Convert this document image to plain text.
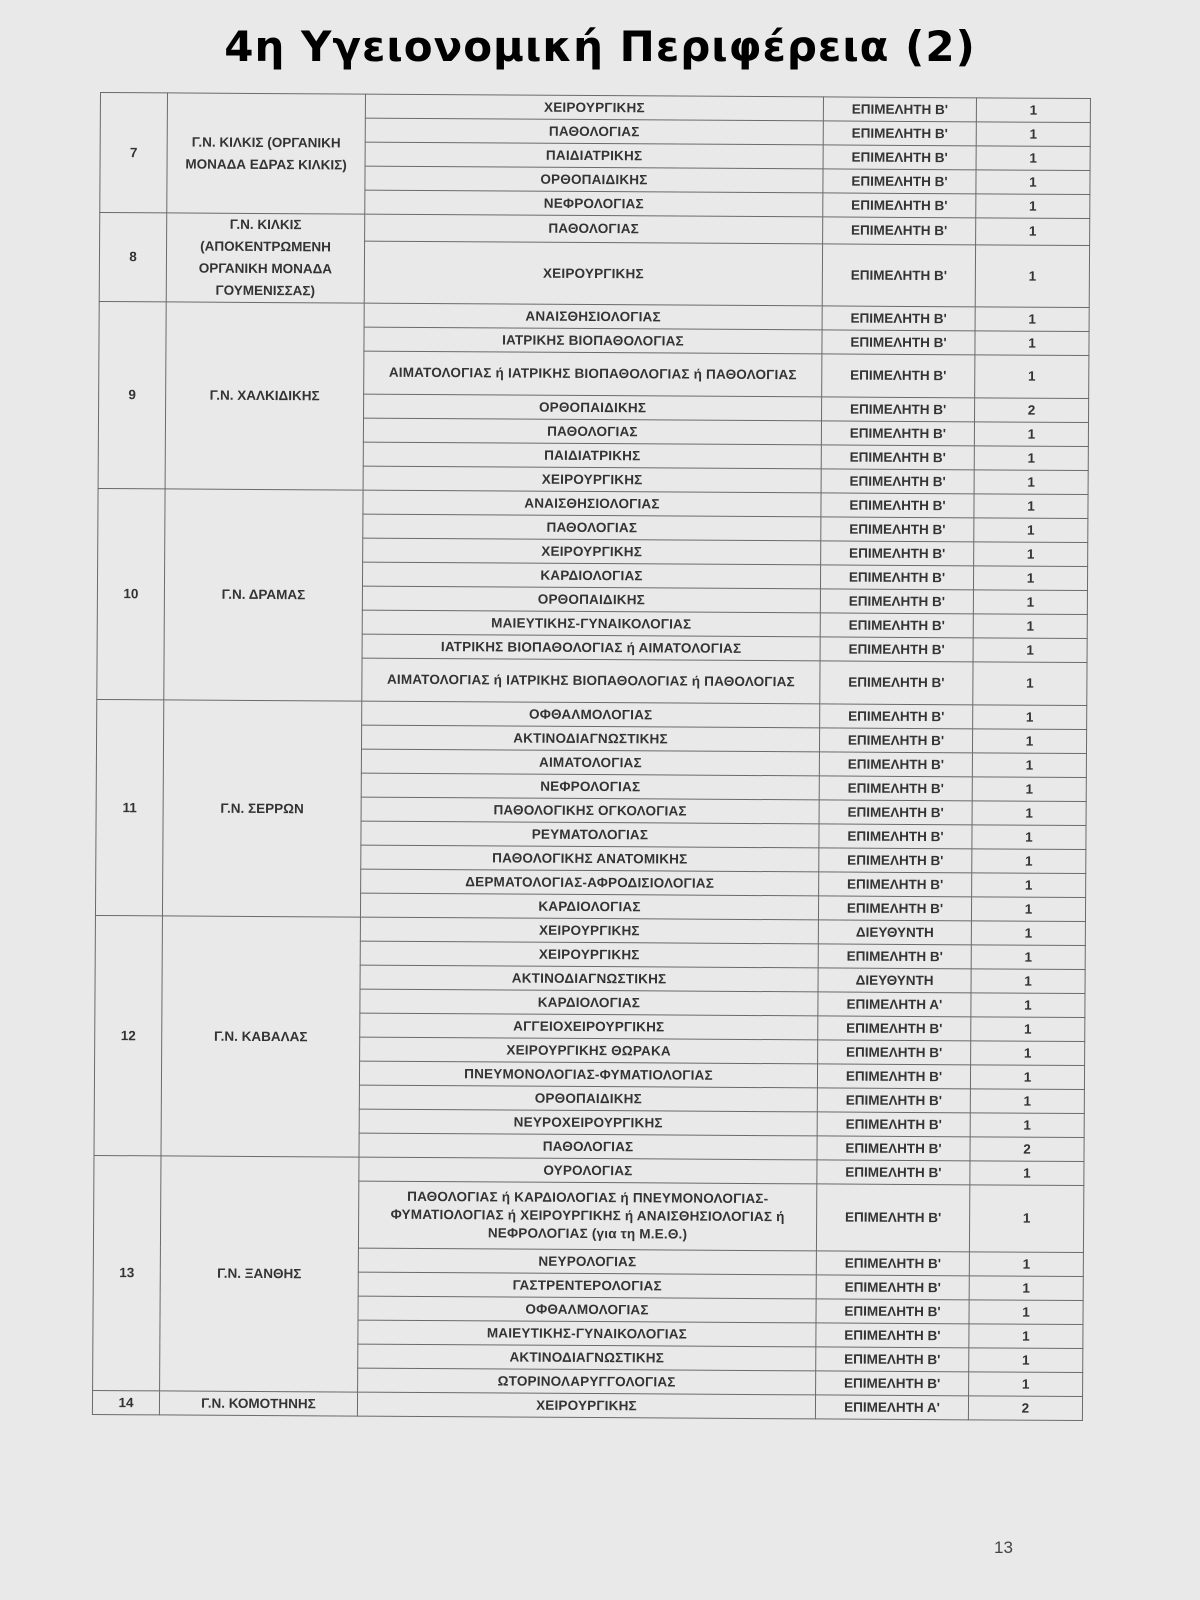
4η Υγειονομική Περιφέρεια (2)
7	Γ.Ν. ΚΙΛΚΙΣ (ΟΡΓΑΝΙΚΗ ΜΟΝΑΔΑ ΕΔΡΑΣ ΚΙΛΚΙΣ)	ΧΕΙΡΟΥΡΓΙΚΗΣ	ΕΠΙΜΕΛΗΤΗ Β'	1
		ΠΑΘΟΛΟΓΙΑΣ	ΕΠΙΜΕΛΗΤΗ Β'	1
		ΠΑΙΔΙΑΤΡΙΚΗΣ	ΕΠΙΜΕΛΗΤΗ Β'	1
		ΟΡΘΟΠΑΙΔΙΚΗΣ	ΕΠΙΜΕΛΗΤΗ Β'	1
		ΝΕΦΡΟΛΟΓΙΑΣ	ΕΠΙΜΕΛΗΤΗ Β'	1
8	Γ.Ν. ΚΙΛΚΙΣ (ΑΠΟΚΕΝΤΡΩΜΕΝΗ ΟΡΓΑΝΙΚΗ ΜΟΝΑΔΑ ΓΟΥΜΕΝΙΣΣΑΣ)	ΠΑΘΟΛΟΓΙΑΣ	ΕΠΙΜΕΛΗΤΗ Β'	1
		ΧΕΙΡΟΥΡΓΙΚΗΣ	ΕΠΙΜΕΛΗΤΗ Β'	1
9	Γ.Ν. ΧΑΛΚΙΔΙΚΗΣ	ΑΝΑΙΣΘΗΣΙΟΛΟΓΙΑΣ	ΕΠΙΜΕΛΗΤΗ Β'	1
		ΙΑΤΡΙΚΗΣ ΒΙΟΠΑΘΟΛΟΓΙΑΣ	ΕΠΙΜΕΛΗΤΗ Β'	1
		ΑΙΜΑΤΟΛΟΓΙΑΣ ή ΙΑΤΡΙΚΗΣ ΒΙΟΠΑΘΟΛΟΓΙΑΣ ή ΠΑΘΟΛΟΓΙΑΣ	ΕΠΙΜΕΛΗΤΗ Β'	1
		ΟΡΘΟΠΑΙΔΙΚΗΣ	ΕΠΙΜΕΛΗΤΗ Β'	2
		ΠΑΘΟΛΟΓΙΑΣ	ΕΠΙΜΕΛΗΤΗ Β'	1
		ΠΑΙΔΙΑΤΡΙΚΗΣ	ΕΠΙΜΕΛΗΤΗ Β'	1
		ΧΕΙΡΟΥΡΓΙΚΗΣ	ΕΠΙΜΕΛΗΤΗ Β'	1
10	Γ.Ν. ΔΡΑΜΑΣ	ΑΝΑΙΣΘΗΣΙΟΛΟΓΙΑΣ	ΕΠΙΜΕΛΗΤΗ Β'	1
		ΠΑΘΟΛΟΓΙΑΣ	ΕΠΙΜΕΛΗΤΗ Β'	1
		ΧΕΙΡΟΥΡΓΙΚΗΣ	ΕΠΙΜΕΛΗΤΗ Β'	1
		ΚΑΡΔΙΟΛΟΓΙΑΣ	ΕΠΙΜΕΛΗΤΗ Β'	1
		ΟΡΘΟΠΑΙΔΙΚΗΣ	ΕΠΙΜΕΛΗΤΗ Β'	1
		ΜΑΙΕΥΤΙΚΗΣ-ΓΥΝΑΙΚΟΛΟΓΙΑΣ	ΕΠΙΜΕΛΗΤΗ Β'	1
		ΙΑΤΡΙΚΗΣ ΒΙΟΠΑΘΟΛΟΓΙΑΣ ή ΑΙΜΑΤΟΛΟΓΙΑΣ	ΕΠΙΜΕΛΗΤΗ Β'	1
		ΑΙΜΑΤΟΛΟΓΙΑΣ ή ΙΑΤΡΙΚΗΣ ΒΙΟΠΑΘΟΛΟΓΙΑΣ ή ΠΑΘΟΛΟΓΙΑΣ	ΕΠΙΜΕΛΗΤΗ Β'	1
11	Γ.Ν. ΣΕΡΡΩΝ	ΟΦΘΑΛΜΟΛΟΓΙΑΣ	ΕΠΙΜΕΛΗΤΗ Β'	1
		ΑΚΤΙΝΟΔΙΑΓΝΩΣΤΙΚΗΣ	ΕΠΙΜΕΛΗΤΗ Β'	1
		ΑΙΜΑΤΟΛΟΓΙΑΣ	ΕΠΙΜΕΛΗΤΗ Β'	1
		ΝΕΦΡΟΛΟΓΙΑΣ	ΕΠΙΜΕΛΗΤΗ Β'	1
		ΠΑΘΟΛΟΓΙΚΗΣ ΟΓΚΟΛΟΓΙΑΣ	ΕΠΙΜΕΛΗΤΗ Β'	1
		ΡΕΥΜΑΤΟΛΟΓΙΑΣ	ΕΠΙΜΕΛΗΤΗ Β'	1
		ΠΑΘΟΛΟΓΙΚΗΣ ΑΝΑΤΟΜΙΚΗΣ	ΕΠΙΜΕΛΗΤΗ Β'	1
		ΔΕΡΜΑΤΟΛΟΓΙΑΣ-ΑΦΡΟΔΙΣΙΟΛΟΓΙΑΣ	ΕΠΙΜΕΛΗΤΗ Β'	1
		ΚΑΡΔΙΟΛΟΓΙΑΣ	ΕΠΙΜΕΛΗΤΗ Β'	1
12	Γ.Ν. ΚΑΒΑΛΑΣ	ΧΕΙΡΟΥΡΓΙΚΗΣ	ΔΙΕΥΘΥΝΤΗ	1
		ΧΕΙΡΟΥΡΓΙΚΗΣ	ΕΠΙΜΕΛΗΤΗ Β'	1
		ΑΚΤΙΝΟΔΙΑΓΝΩΣΤΙΚΗΣ	ΔΙΕΥΘΥΝΤΗ	1
		ΚΑΡΔΙΟΛΟΓΙΑΣ	ΕΠΙΜΕΛΗΤΗ Α'	1
		ΑΓΓΕΙΟΧΕΙΡΟΥΡΓΙΚΗΣ	ΕΠΙΜΕΛΗΤΗ Β'	1
		ΧΕΙΡΟΥΡΓΙΚΗΣ ΘΩΡΑΚΑ	ΕΠΙΜΕΛΗΤΗ Β'	1
		ΠΝΕΥΜΟΝΟΛΟΓΙΑΣ-ΦΥΜΑΤΙΟΛΟΓΙΑΣ	ΕΠΙΜΕΛΗΤΗ Β'	1
		ΟΡΘΟΠΑΙΔΙΚΗΣ	ΕΠΙΜΕΛΗΤΗ Β'	1
		ΝΕΥΡΟΧΕΙΡΟΥΡΓΙΚΗΣ	ΕΠΙΜΕΛΗΤΗ Β'	1
		ΠΑΘΟΛΟΓΙΑΣ	ΕΠΙΜΕΛΗΤΗ Β'	2
13	Γ.Ν. ΞΑΝΘΗΣ	ΟΥΡΟΛΟΓΙΑΣ	ΕΠΙΜΕΛΗΤΗ Β'	1
		ΠΑΘΟΛΟΓΙΑΣ ή ΚΑΡΔΙΟΛΟΓΙΑΣ ή ΠΝΕΥΜΟΝΟΛΟΓΙΑΣ-ΦΥΜΑΤΙΟΛΟΓΙΑΣ ή ΧΕΙΡΟΥΡΓΙΚΗΣ ή ΑΝΑΙΣΘΗΣΙΟΛΟΓΙΑΣ ή ΝΕΦΡΟΛΟΓΙΑΣ (για τη Μ.Ε.Θ.)	ΕΠΙΜΕΛΗΤΗ Β'	1
		ΝΕΥΡΟΛΟΓΙΑΣ	ΕΠΙΜΕΛΗΤΗ Β'	1
		ΓΑΣΤΡΕΝΤΕΡΟΛΟΓΙΑΣ	ΕΠΙΜΕΛΗΤΗ Β'	1
		ΟΦΘΑΛΜΟΛΟΓΙΑΣ	ΕΠΙΜΕΛΗΤΗ Β'	1
		ΜΑΙΕΥΤΙΚΗΣ-ΓΥΝΑΙΚΟΛΟΓΙΑΣ	ΕΠΙΜΕΛΗΤΗ Β'	1
		ΑΚΤΙΝΟΔΙΑΓΝΩΣΤΙΚΗΣ	ΕΠΙΜΕΛΗΤΗ Β'	1
		ΩΤΟΡΙΝΟΛΑΡΥΓΓΟΛΟΓΙΑΣ	ΕΠΙΜΕΛΗΤΗ Β'	1
14	Γ.Ν. ΚΟΜΟΤΗΝΗΣ	ΧΕΙΡΟΥΡΓΙΚΗΣ	ΕΠΙΜΕΛΗΤΗ Α'	2
13
